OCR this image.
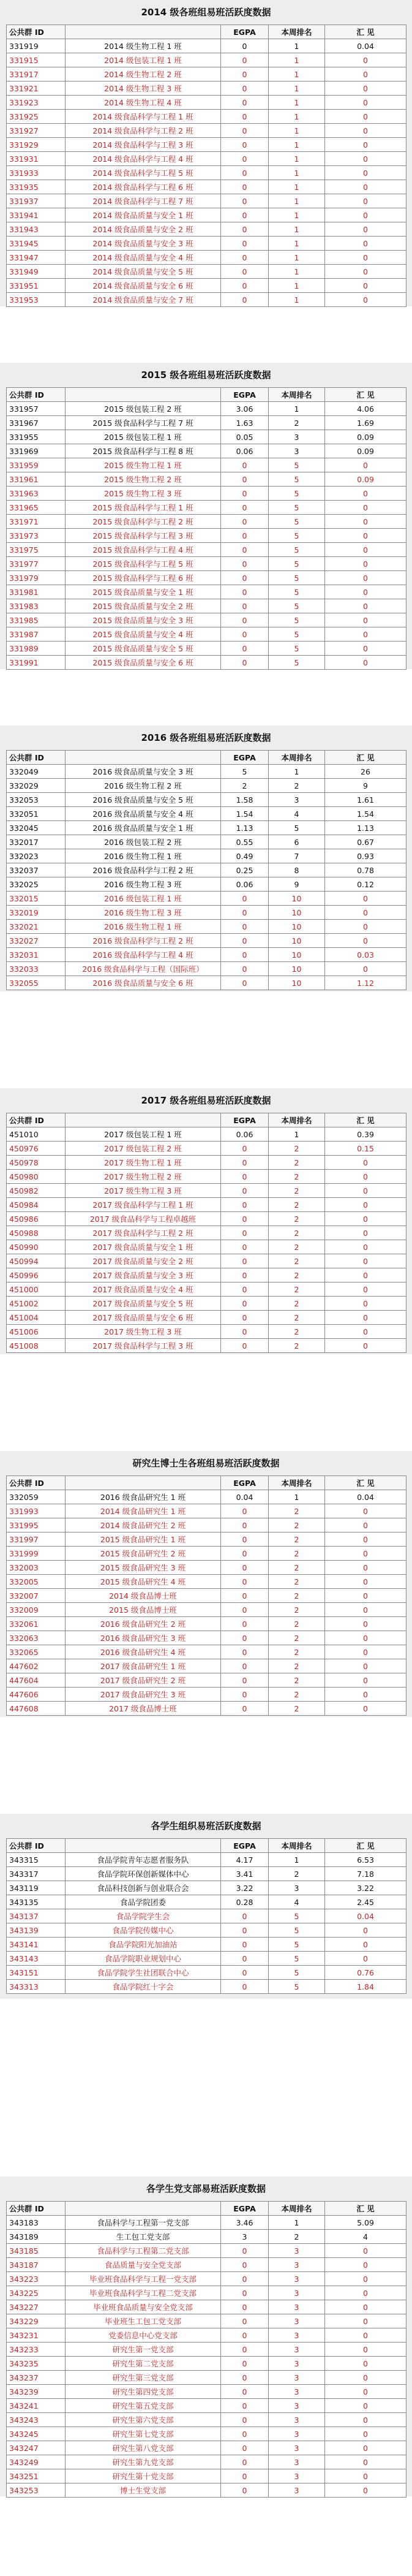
2014 级各班组易班活跃度数据
公共群 ID		EGPA	本周排名	汇 见
331919	2014 级生物工程 1 班	0	1	0.04
331915	2014 级包装工程 1 班	0	1	0
331917	2014 级生物工程 2 班	0	1	0
331921	2014 级生物工程 3 班	0	1	0
331923	2014 级生物工程 4 班	0	1	0
331925	2014 级食品科学与工程 1 班	0	1	0
331927	2014 级食品科学与工程 2 班	0	1	0
331929	2014 级食品科学与工程 3 班	0	1	0
331931	2014 级食品科学与工程 4 班	0	1	0
331933	2014 级食品科学与工程 5 班	0	1	0
331935	2014 级食品科学与工程 6 班	0	1	0
331937	2014 级食品科学与工程 7 班	0	1	0
331941	2014 级食品质量与安全 1 班	0	1	0
331943	2014 级食品质量与安全 2 班	0	1	0
331945	2014 级食品质量与安全 3 班	0	1	0
331947	2014 级食品质量与安全 4 班	0	1	0
331949	2014 级食品质量与安全 5 班	0	1	0
331951	2014 级食品质量与安全 6 班	0	1	0
331953	2014 级食品质量与安全 7 班	0	1	0
2015 级各班组易班活跃度数据
公共群 ID		EGPA	本周排名	汇 见
331957	2015 级包装工程 2 班	3.06	1	4.06
331967	2015 级食品科学与工程 7 班	1.63	2	1.69
331955	2015 级包装工程 1 班	0.05	3	0.09
331969	2015 级食品科学与工程 8 班	0.06	3	0.09
331959	2015 级生物工程 1 班	0	5	0
331961	2015 级生物工程 2 班	0	5	0.09
331963	2015 级生物工程 3 班	0	5	0
331965	2015 级食品科学与工程 1 班	0	5	0
331971	2015 级食品科学与工程 2 班	0	5	0
331973	2015 级食品科学与工程 3 班	0	5	0
331975	2015 级食品科学与工程 4 班	0	5	0
331977	2015 级食品科学与工程 5 班	0	5	0
331979	2015 级食品科学与工程 6 班	0	5	0
331981	2015 级食品质量与安全 1 班	0	5	0
331983	2015 级食品质量与安全 2 班	0	5	0
331985	2015 级食品质量与安全 3 班	0	5	0
331987	2015 级食品质量与安全 4 班	0	5	0
331989	2015 级食品质量与安全 5 班	0	5	0
331991	2015 级食品质量与安全 6 班	0	5	0
2016 级各班组易班活跃度数据
公共群 ID		EGPA	本周排名	汇 见
332049	2016 级食品质量与安全 3 班	5	1	26
332029	2016 级生物工程 2 班	2	2	9
332053	2016 级食品质量与安全 5 班	1.58	3	1.61
332051	2016 级食品质量与安全 4 班	1.54	4	1.54
332045	2016 级食品质量与安全 1 班	1.13	5	1.13
332017	2016 级包装工程 2 班	0.55	6	0.67
332023	2016 级生物工程 1 班	0.49	7	0.93
332037	2016 级食品科学与工程 2 班	0.25	8	0.78
332025	2016 级生物工程 3 班	0.06	9	0.12
332015	2016 级包装工程 1 班	0	10	0
332019	2016 级生物工程 3 班	0	10	0
332021	2016 级生物工程 1 班	0	10	0
332027	2016 级食品科学与工程 2 班	0	10	0
332031	2016 级食品科学与工程 4 班	0	10	0.03
332033	2016 级食品科学与工程（国际班）	0	10	0
332055	2016 级食品质量与安全 6 班	0	10	1.12
2017 级各班组易班活跃度数据
公共群 ID		EGPA	本周排名	汇 见
451010	2017 级包装工程 1 班	0.06	1	0.39
450976	2017 级包装工程 2 班	0	2	0.15
450978	2017 级生物工程 1 班	0	2	0
450980	2017 级生物工程 2 班	0	2	0
450982	2017 级生物工程 3 班	0	2	0
450984	2017 级食品科学与工程 1 班	0	2	0
450986	2017 级食品科学与工程卓越班	0	2	0
450988	2017 级食品科学与工程 2 班	0	2	0
450990	2017 级食品质量与安全 1 班	0	2	0
450994	2017 级食品质量与安全 2 班	0	2	0
450996	2017 级食品质量与安全 3 班	0	2	0
451000	2017 级食品质量与安全 4 班	0	2	0
451002	2017 级食品质量与安全 5 班	0	2	0
451004	2017 级食品质量与安全 6 班	0	2	0
451006	2017 级生物工程 3 班	0	2	0
451008	2017 级食品科学与工程 3 班	0	2	0
研究生博士生各班组易班活跃度数据
公共群 ID		EGPA	本周排名	汇 见
332059	2016 级食品研究生 1 班	0.04	1	0.04
331993	2014 级食品研究生 1 班	0	2	0
331995	2014 级食品研究生 2 班	0	2	0
331997	2015 级食品研究生 1 班	0	2	0
331999	2015 级食品研究生 2 班	0	2	0
332003	2015 级食品研究生 3 班	0	2	0
332005	2015 级食品研究生 4 班	0	2	0
332007	2014 级食品博士班	0	2	0
332009	2015 级食品博士班	0	2	0
332061	2016 级食品研究生 2 班	0	2	0
332063	2016 级食品研究生 3 班	0	2	0
332065	2016 级食品研究生 4 班	0	2	0
447602	2017 级食品研究生 1 班	0	2	0
447604	2017 级食品研究生 2 班	0	2	0
447606	2017 级食品研究生 3 班	0	2	0
447608	2017 级食品博士班	0	2	0
各学生组织易班活跃度数据
公共群 ID		EGPA	本周排名	汇 见
343315	食品学院青年志愿者服务队	4.17	1	6.53
343317	食品学院环保创新媒体中心	3.41	2	7.18
343119	食品科技创新与创业联合会	3.22	3	3.22
343135	食品学院团委	0.28	4	2.45
343137	食品学院学生会	0	5	0.04
343139	食品学院传媒中心	0	5	0
343141	食品学院阳光加油站	0	5	0
343143	食品学院职业规划中心	0	5	0
343151	食品学院学生社团联合中心	0	5	0.76
343313	食品学院红十字会	0	5	1.84
各学生党支部易班活跃度数据
公共群 ID		EGPA	本周排名	汇 见
343183	食品科学与工程第一党支部	3.46	1	5.09
343189	生工包工党支部	3	2	4
343185	食品科学与工程第二党支部	0	3	0
343187	食品质量与安全党支部	0	3	0
343223	毕业班食品科学与工程一党支部	0	3	0
343225	毕业班食品科学与工程二党支部	0	3	0
343227	毕业班食品质量与安全党支部	0	3	0
343229	毕业班生工包工党支部	0	3	0
343231	党委信息中心党支部	0	3	0
343233	研究生第一党支部	0	3	0
343235	研究生第二党支部	0	3	0
343237	研究生第三党支部	0	3	0
343239	研究生第四党支部	0	3	0
343241	研究生第五党支部	0	3	0
343243	研究生第六党支部	0	3	0
343245	研究生第七党支部	0	3	0
343247	研究生第八党支部	0	3	0
343249	研究生第九党支部	0	3	0
343251	研究生第十党支部	0	3	0
343253	博士生党支部	0	3	0
